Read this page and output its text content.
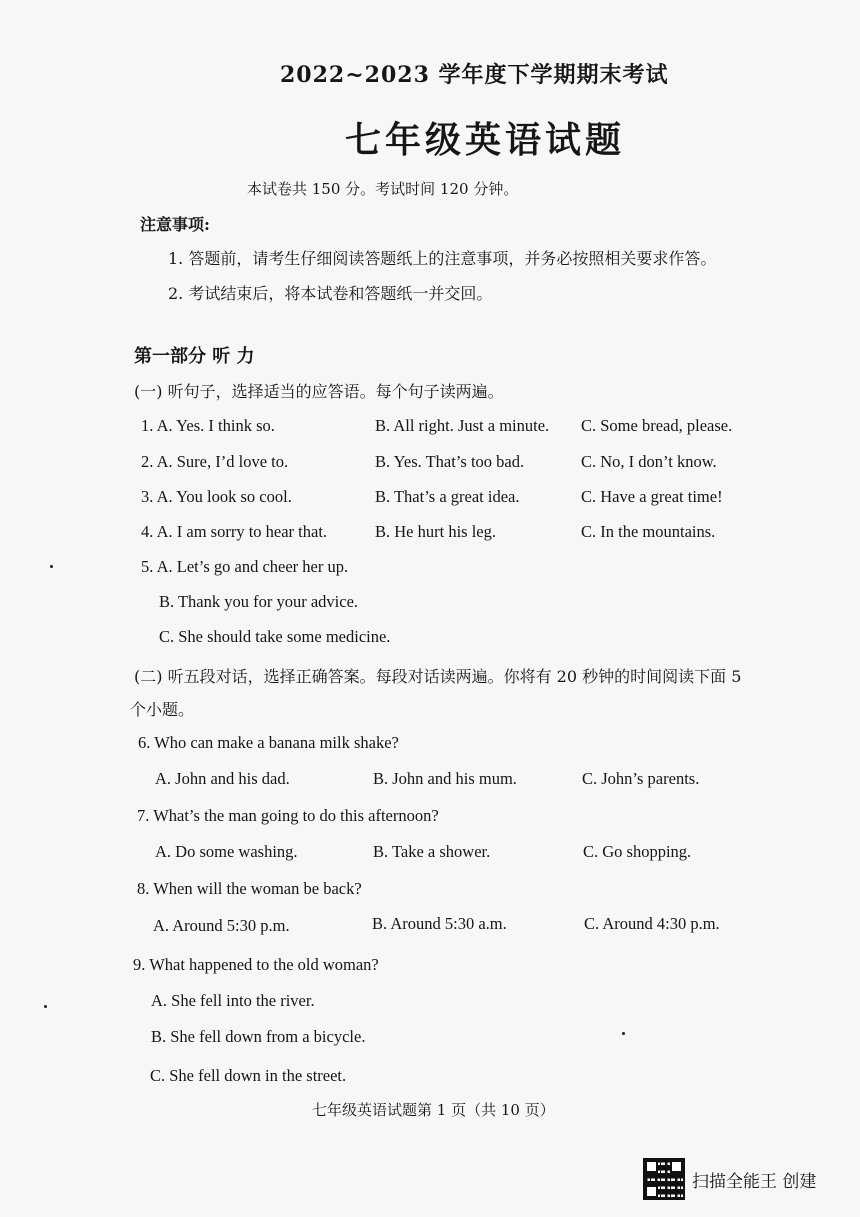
2022~2023 学年度下学期期末考试
七年级英语试题
本试卷共 150 分。考试时间 120 分钟。
注意事项:
1. 答题前，请考生仔细阅读答题纸上的注意事项，并务必按照相关要求作答。
2. 考试结束后，将本试卷和答题纸一并交回。
第一部分 听 力
(一) 听句子，选择适当的应答语。每个句子读两遍。
1. A. Yes. I think so.	B. All right. Just a minute. C. Some bread, please.
2. A. Sure, I’d love to.	B. Yes. That’s too bad.	C. No, I don’t know.
3. A. You look so cool.	B. That’s a great idea.	C. Have a great time!
4. A. I am sorry to hear that.	B. He hurt his leg.	C. In the mountains.
5. A. Let’s go and cheer her up.
B. Thank you for your advice.
C. She should take some medicine.
(二) 听五段对话，选择正确答案。每段对话读两遍。你将有 20 秒钟的时间阅读下面 5
个小题。
6. Who can make a banana milk shake?
A. John and his dad.	B. John and his mum.	C. John’s parents.
7. What’s the man going to do this afternoon?
A. Do some washing.	B. Take a shower.	C. Go shopping.
8. When will the woman be back?
A. Around 5:30 p.m.	B. Around 5:30 a.m.	C. Around 4:30 p.m.
9. What happened to the old woman?
A. She fell into the river.
B. She fell down from a bicycle.
C. She fell down in the street.
七年级英语试题第 1 页（共 10 页）
扫描全能王 创建
